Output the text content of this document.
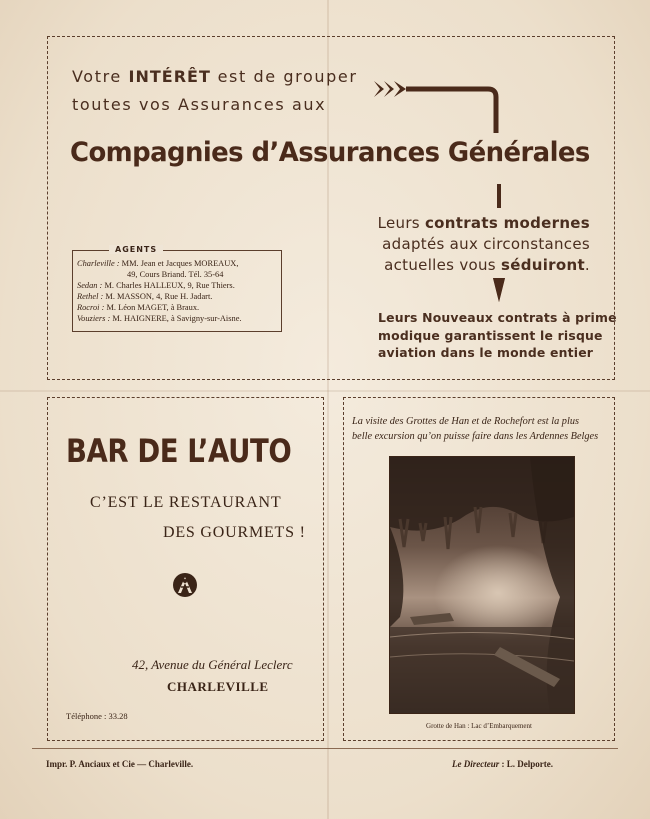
Votre INTÉRÊT est de grouper
toutes vos Assurances aux
Compagnies d’Assurances Générales
Leurs contrats modernes
adaptés aux circonstances
actuelles vous séduiront.
Leurs Nouveaux contrats à prime
modique garantissent le risque
aviation dans le monde entier
AGENTS
Charleville : MM. Jean et Jacques MOREAUX,
49, Cours Briand. Tél. 35-64
Sedan : M. Charles HALLEUX, 9, Rue Thiers.
Rethel : M. MASSON, 4, Rue H. Jadart.
Rocroi : M. Léon MAGET, à Braux.
Vouziers : M. HAIGNERE, à Savigny-sur-Aisne.
BAR DE L’AUTO
C’EST LE RESTAURANT
DES GOURMETS !
42, Avenue du Général Leclerc
CHARLEVILLE
Téléphone : 33.28
La visite des Grottes de Han et de Rochefort est la plus
belle excursion qu’on puisse faire dans les Ardennes Belges
Grotte de Han : Lac d’Embarquement
Impr. P. Anciaux et Cie — Charleville.	Le Directeur : L. Delporte.
